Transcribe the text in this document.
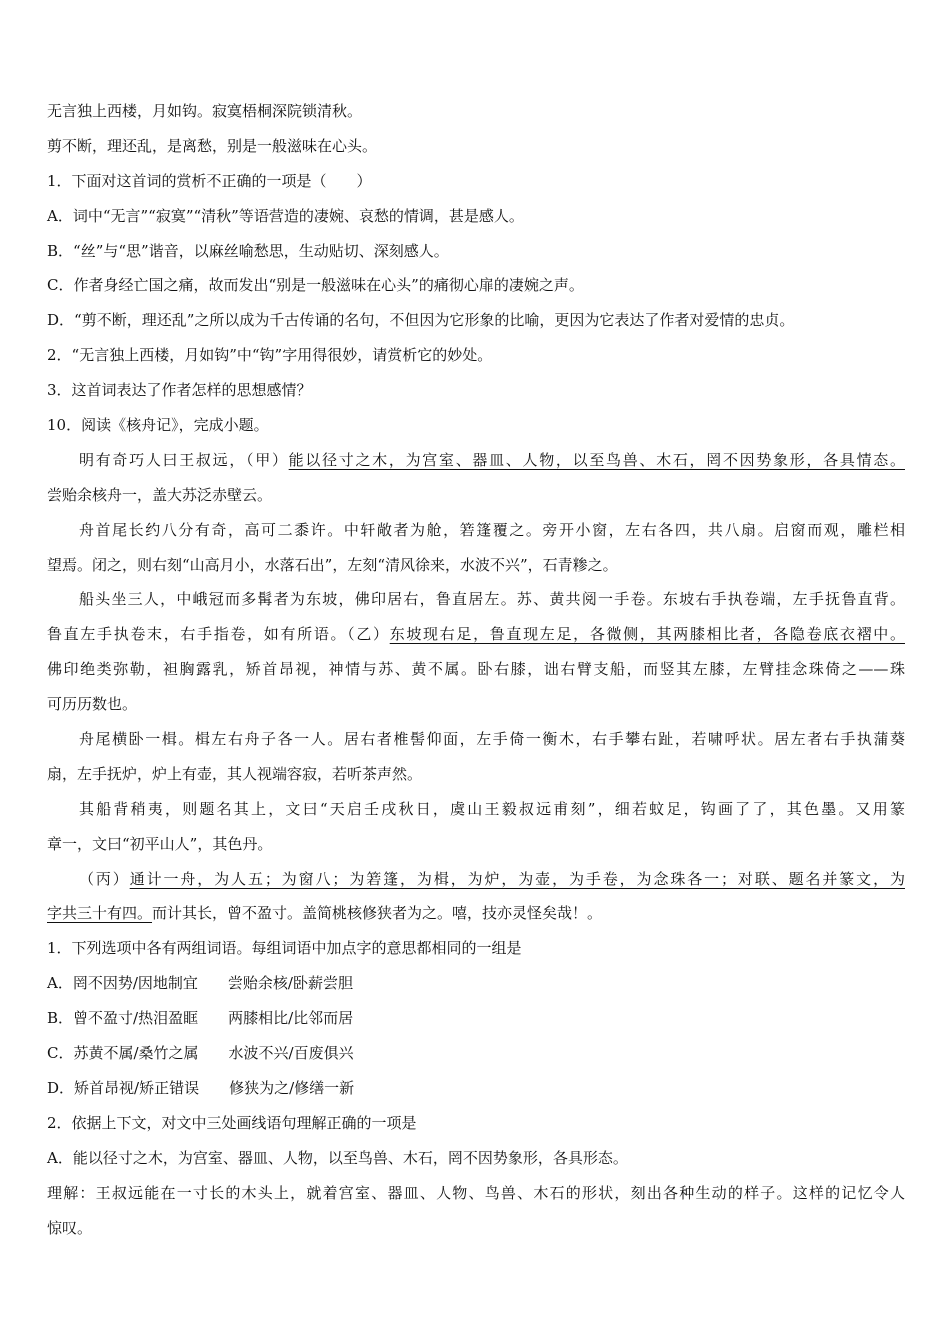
无言独上西楼，月如钩。寂寞梧桐深院锁清秋。
剪不断，理还乱，是离愁，别是一般滋味在心头。
1．下面对这首词的赏析不正确的一项是（　　）
A．词中“无言”“寂寞”“清秋”等语营造的凄婉、哀愁的情调，甚是感人。
B．“丝”与“思”谐音，以麻丝喻愁思，生动贴切、深刻感人。
C．作者身经亡国之痛，故而发出“别是一般滋味在心头”的痛彻心扉的凄婉之声。
D．“剪不断，理还乱”之所以成为千古传诵的名句，不但因为它形象的比喻，更因为它表达了作者对爱情的忠贞。
2．“无言独上西楼，月如钩”中“钩”字用得很妙，请赏析它的妙处。
3．这首词表达了作者怎样的思想感情？
10．阅读《核舟记》，完成小题。
明有奇巧人曰王叔远，（甲）能以径寸之木，为宫室、器皿、人物，以至鸟兽、木石，罔不因势象形，各具情态。
尝贻余核舟一，盖大苏泛赤壁云。
舟首尾长约八分有奇，高可二黍许。中轩敞者为舱，箬篷覆之。旁开小窗，左右各四，共八扇。启窗而观，雕栏相
望焉。闭之，则右刻“山高月小，水落石出”，左刻“清风徐来，水波不兴”，石青糁之。
船头坐三人，中峨冠而多髯者为东坡，佛印居右，鲁直居左。苏、黄共阅一手卷。东坡右手执卷端，左手抚鲁直背。
鲁直左手执卷末，右手指卷，如有所语。（乙）东坡现右足，鲁直现左足，各微侧，其两膝相比者，各隐卷底衣褶中。
佛印绝类弥勒，袒胸露乳，矫首昂视，神情与苏、黄不属。卧右膝，诎右臂支船，而竖其左膝，左臂挂念珠倚之——珠
可历历数也。
舟尾横卧一楫。楫左右舟子各一人。居右者椎髻仰面，左手倚一衡木，右手攀右趾，若啸呼状。居左者右手执蒲葵
扇，左手抚炉，炉上有壶，其人视端容寂，若听茶声然。
其船背稍夷，则题名其上，文曰“天启壬戌秋日，虞山王毅叔远甫刻”，细若蚊足，钩画了了，其色墨。又用篆
章一，文曰“初平山人”，其色丹。
（丙）通计一舟，为人五；为窗八；为箬篷，为楫，为炉，为壶，为手卷，为念珠各一；对联、题名并篆文，为
字共三十有四。而计其长，曾不盈寸。盖简桃核修狭者为之。嘻，技亦灵怪矣哉！。
1．下列选项中各有两组词语。每组词语中加点字的意思都相同的一组是
A．罔不因势/因地制宜　　尝贻余核/卧薪尝胆
B．曾不盈寸/热泪盈眶　　两膝相比/比邻而居
C．苏黄不属/桑竹之属　　水波不兴/百废俱兴
D．矫首昂视/矫正错误　　修狭为之/修缮一新
2．依据上下文，对文中三处画线语句理解正确的一项是
A．能以径寸之木，为宫室、器皿、人物，以至鸟兽、木石，罔不因势象形，各具形态。
理解：王叔远能在一寸长的木头上，就着宫室、器皿、人物、鸟兽、木石的形状，刻出各种生动的样子。这样的记忆令人
惊叹。
